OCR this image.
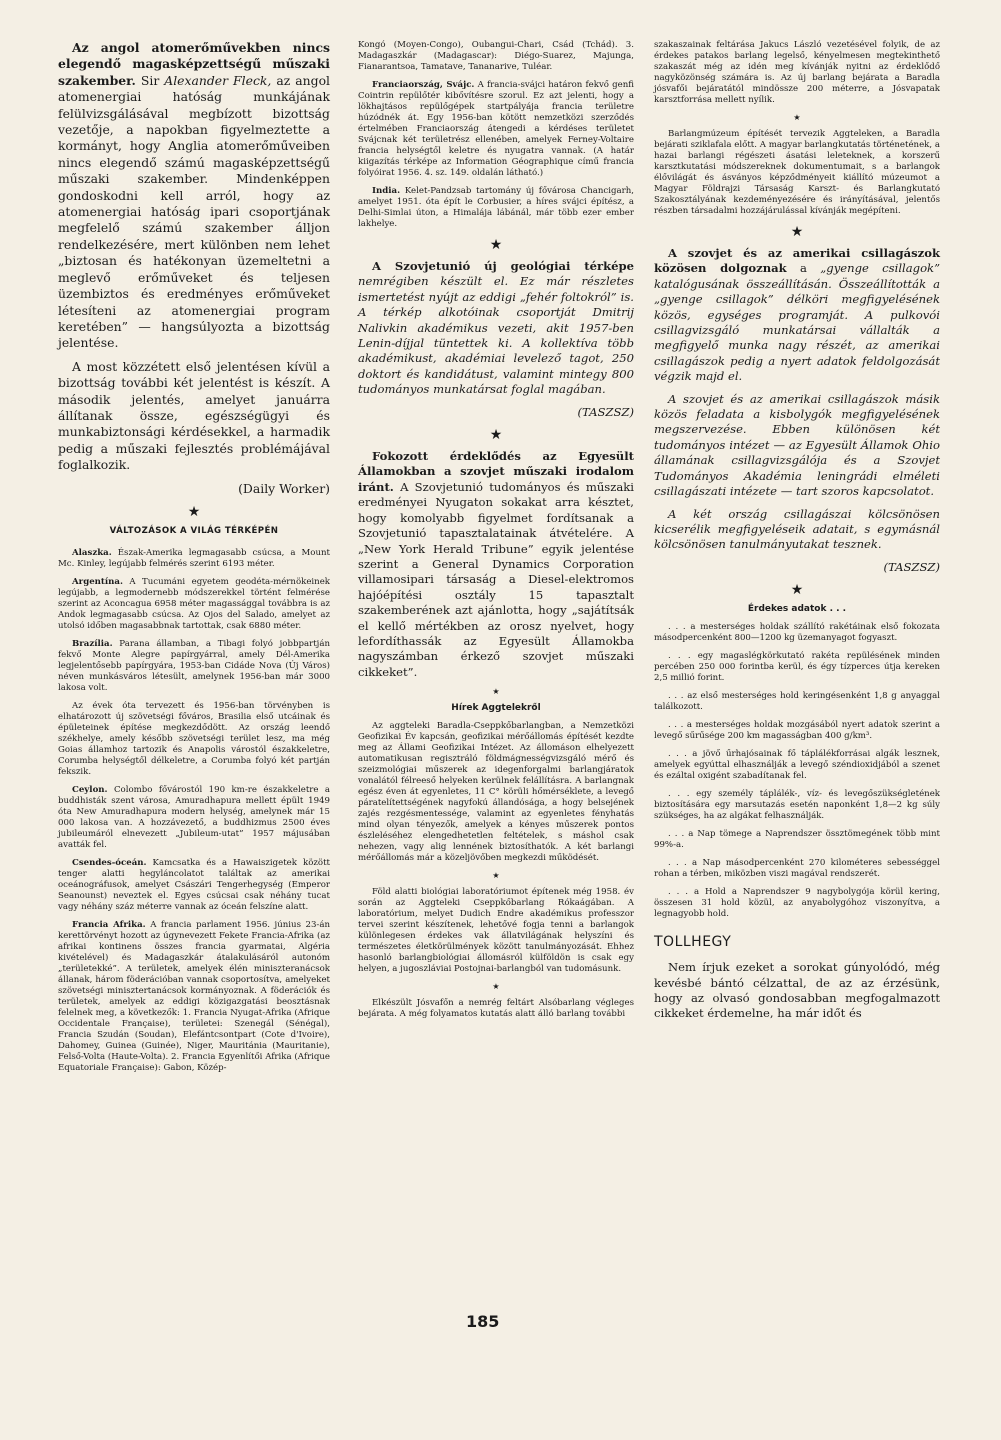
Az angol atomerőművekben nincs elegendő magasképzettségű műszaki szakember. Sir Alexander Fleck, az angol atomenergiai hatóság munkájának felülvizsgálásával megbízott bizottság vezetője, a napokban figyelmeztette a kormányt, hogy Angliа atomerőműveiben nincs elegendő számú magasképzettségű műszaki szakember. Mindenképpen gondoskodni kell arról, hogy az atomenergiai hatóság ipari csoportjának megfelelő számú szakember álljon rendelkezésére, mert különben nem lehet „biztosan és hatékonyan üzemeltetni a meglevő erőműveket és teljesen üzembiztos és eredményes erőműveket létesíteni az atomenergiai program keretében” — hangsúlyozta a bizottság jelentése.

A most közzétett első jelentésen kívül a bizottság további két jelentést is készít. A második jelentés, amelyet januárra állítanak össze, egészségügyi és munkabiztonsági kérdésekkel, a harmadik pedig a műszaki fejlesztés problémájával foglalkozik.

(Daily Worker)

★
VÁLTOZÁSOK A VILÁG TÉRKÉPÉN

Alaszka. Észak-Amerika legmagasabb csúcsa, a Mount Mc. Kinley, legújabb felmérés szerint 6193 méter.

Argentína. A Tucumáni egyetem geodéta-mérnökeinek legújabb, a legmodernebb módszerekkel történt felmérése szerint az Aconcagua 6958 méter magassággal továbbra is az Andok legmagasabb csúcsa. Az Ojos del Salado, amelyet az utolsó időben magasabbnak tartottak, csak 6880 méter.

Brazília. Parana államban, a Tibagi folyó jobbpartján fekvő Monte Alegre papírgyárral, amely Dél-Amerika legjelentősebb papírgyára, 1953-ban Cidáde Nova (Új Város) néven munkásváros létesült, amelynek 1956-ban már 3000 lakosa volt.

Az évek óta tervezett és 1956-ban törvényben is elhatározott új szövetségi főváros, Brasilia első utcáinak és épületeinek építése megkezdődött. Az ország leendő székhelye, amely később szövetségi terület lesz, ma még Goias államhoz tartozik és Anapolis várostól északkeletre, Corumba helységtől délkeletre, a Corumba folyó két partján fekszik.

Ceylon. Colombo fővárostól 190 km-re északkeletre a buddhisták szent városa, Amuradhapura mellett épült 1949 óta New Amuradhapura modern helység, amelynek már 15 000 lakosa van. A hozzávezető, a buddhizmus 2500 éves jubileumáról elnevezett „Jubileum-utat” 1957 májusában avatták fel.

Csendes-óceán. Kamcsatka és a Hawaiszigetek között tenger alatti hegyláncolatot találtak az amerikai oceánográfusok, amelyet Császári Tengerhegység (Emperor Seanounst) neveztek el. Egyes csúcsai csak néhány tucat vagy néhány száz méterre vannak az óceán felszíne alatt.

Francia Afrika. A francia parlament 1956. június 23-án kerettörvényt hozott az úgynevezett Fekete Francia-Afrika (az afrikai kontinens összes francia gyarmatai, Algéria kivételével) és Madagaszkár átalakulásáról autonóm „területekké”. A területek, amelyek élén miniszteranácsok állanak, három föderációban vannak csoportosítva, amelyeket szövetségi minisztertanácsok kormányoznak. A föderációk és területek, amelyek az eddigi közigazgatási beosztásnak felelnek meg, a következők: 1. Francia Nyugat-Afrika (Afrique Occidentale Française), területei: Szenegál (Sénégal), Francia Szudán (Soudan), Elefántcsontpart (Cote d'Ivoire), Dahomey, Guinea (Guinée), Niger, Mauritánia (Mauritanie), Felső-Volta (Haute-Volta). 2. Francia Egyenlítői Afrika (Afrique Equatoriale Française): Gabon, Közép-

Kongó (Moyen-Congo), Oubangui-Chari, Csád (Tchád). 3. Madagaszkár (Madagascar): Diégo-Suarez, Majunga, Fianarantsoa, Tamatave, Tananarive, Tuléar.

Franciaország, Svájc. A francia-svájci határon fekvő genfi Cointrin repülőtér kibővítésre szorul. Ez azt jelenti, hogy a lökhajtásos repülőgépek startpályája francia területre húzódnék át. Egy 1956-ban kötött nemzetközi szerződés értelmében Franciaország átengedi a kérdéses területet Svájcnak két területrész ellenében, amelyek Ferney-Voltaire francia helységtől keletre és nyugatra vannak. (A határ kiigazítás térképe az Information Géographique című francia folyóirat 1956. 4. sz. 149. oldalán látható.)

India. Kelet-Pandzsab tartomány új fővárosa Chancigarh, amelyet 1951. óta épít le Corbusier, a híres svájci építész, a Delhi-Simlai úton, a Himalája lábánál, már több ezer ember lakhelye.

★

A Szovjetunió új geológiai térképe nemrégiben készült el. Ez már részletes ismertetést nyújt az eddigi „fehér foltokról” is. A térkép alkotóinak csoportját Dmitrij Nalivkin akadémikus vezeti, akit 1957-ben Lenin-díjjal tüntettek ki. A kollektíva több akadémikust, akadémiai levelező tagot, 250 doktort és kandidátust, valamint mintegy 800 tudományos munkatársat foglal magában.

(TASZSZ)

★

Fokozott érdeklődés az Egyesült Államokban a szovjet műszaki irodalom iránt. A Szovjetunió tudományos és műszaki eredményei Nyugaton sokakat arra késztet, hogy komolyabb figyelmet fordítsanak a Szovjetunió tapasztalatainak átvételére. A „New York Herald Tribune” egyik jelentése szerint a General Dynamics Corporation villamosipari társaság a Diesel-elektromos hajóépítési osztály 15 tapasztalt szakemberének azt ajánlotta, hogy „sajátítsák el kellő mértékben az orosz nyelvet, hogy lefordíthassák az Egyesült Államokba nagyszámban érkező szovjet műszaki cikkeket”.

★
Hírek Aggtelekről

Az aggteleki Baradla-Cseppkőbarlangban, a Nemzetközi Geofizikai Év kapcsán, geofizikai mérőállomás építését kezdte meg az Állami Geofizikai Intézet. Az állomáson elhelyezett automatikusan regisztráló földmágnességvizsgáló mérő és szeizmológiai műszerek az idegenforgalmi barlangjáratok vonalától félreeső helyeken kerülnek felállításra. A barlangnak egész éven át egyenletes, 11 C° körüli hőmérséklete, a levegő páratelítettségének nagyfokú állandósága, a hogy belsejének zajés rezgésmentessége, valamint az egyenletes fényhatás mind olyan tényezők, amelyek a kényes műszerek pontos észleléséhez elengedhetetlen feltételek, s máshol csak nehezen, vagy alig lennének biztosíthatók. A két barlangi mérőállomás már a közeljövőben megkezdi működését.

★

Föld alatti biológiai laboratóriumot építenek még 1958. év során az Aggteleki Cseppkőbarlang Rókaágában. A laboratórium, melyet Dudich Endre akadémikus professzor tervei szerint készítenek, lehetővé fogja tenni a barlangok különlegesen érdekes vak állatvilágának helyszíni és természetes életkörülmények között tanulmányozását. Ehhez hasonló barlangbiológiai állomásról külföldön is csak egy helyen, a jugoszláviai Postojnai-barlangból van tudomásunk.

★

Elkészült Jósvafőn a nemrég feltárt Alsóbarlang végleges bejárata. A még folyamatos kutatás alatt álló barlang további

szakaszainak feltárása Jakucs László vezetésével folyik, de az érdekes patakos barlang legelső, kényelmesen megtekinthető szakaszát még az idén meg kívánják nyitni az érdeklődő nagyközönség számára is. Az új barlang bejárata a Baradla jósvafői bejáratától mindössze 200 méterre, a Jósvapatak karsztforrása mellett nyílik.

★

Barlangmúzeum építését tervezik Aggteleken, a Baradla bejárati sziklafala előtt. A magyar barlangkutatás történetének, a hazai barlangi régészeti ásatási leleteknek, a korszerű karsztkutatási módszereknek dokumentumait, s a barlangok élővilágát és ásványos képződményeit kiállító múzeumot a Magyar Földrajzi Társaság Karszt- és Barlangkutató Szakosztályának kezdeményezésére és irányításával, jelentős részben társadalmi hozzájárulással kívánják megépíteni.

★

A szovjet és az amerikai csillagászok közösen dolgoznak a „gyenge csillagok” katalógusának összeállításán. Összeállították a „gyenge csillagok” délköri megfigyelésének közös, egységes programját. A pulkovói csillagvizsgáló munkatársai vállalták a megfigyelő munka nagy részét, az amerikai csillagászok pedig a nyert adatok feldolgozását végzik majd el.

A szovjet és az amerikai csillagászok másik közös feladata a kisbolygók megfigyelésének megszervezése. Ebben különösen két tudományos intézet — az Egyesült Államok Ohio államának csillagvizsgálója és a Szovjet Tudományos Akadémia leningrádi elméleti csillagászati intézete — tart szoros kapcsolatot.

A két ország csillagászai kölcsönösen kicserélik megfigyeléseik adatait, s egymásnál kölcsönösen tanulmányutakat tesznek.

(TASZSZ)

★
Érdekes adatok . . .

. . . a mesterséges holdak szállító rakétáinak első fokozata másodpercenként 800—1200 kg üzemanyagot fogyaszt.

. . . egy magaslégkörkutató rakéta repülésének minden percében 250 000 forintba kerül, és égy tízperces útja kereken 2,5 millió forint.

. . . az első mesterséges hold keringésenként 1,8 g anyaggal találkozott.

. . . a mesterséges holdak mozgásából nyert adatok szerint a levegő sűrűsége 200 km magasságban 400 g/km³.

. . . a jövő űrhajósainak fő táplálékforrásai algák lesznek, amelyek egyúttal elhasználják a levegő széndioxidjából a szenet és ezáltal oxigént szabadítanak fel.

. . . egy személy táplálék-, víz- és levegőszükségletének biztosítására egy marsutazás esetén naponként 1,8—2 kg súly szükséges, ha az algákat felhasználják.

. . . a Nap tömege a Naprendszer össztömegének több mint 99%-a.

. . . a Nap másodpercenként 270 kilométeres sebességgel rohan a térben, miközben viszi magával rendszerét.

. . . a Hold a Naprendszer 9 nagybolygója körül kering, összesen 31 hold közül, az anyabolygóhoz viszonyítva, a legnagyobb hold.

TOLLHEGY

Nem írjuk ezeket a sorokat gúnyolódó, még kevésbé bántó célzattal, de az az érzésünk, hogy az olvasó gondosabban megfogalmazott cikkeket érdemelne, ha már időt és

185
